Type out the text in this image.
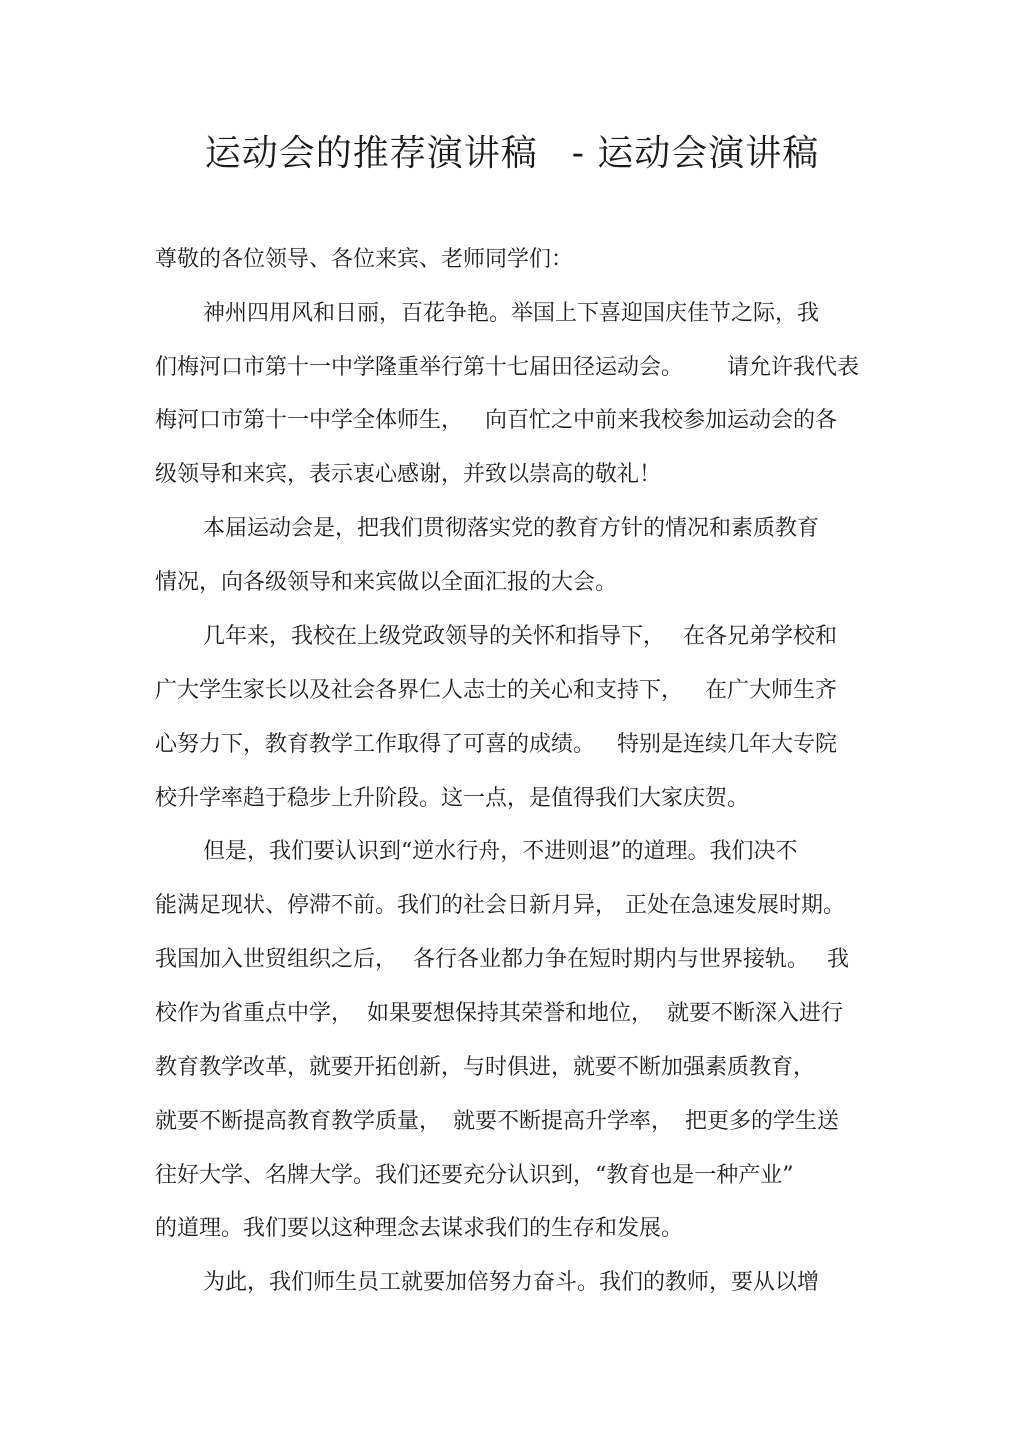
运动会的推荐演讲稿 - 运动会演讲稿

尊敬的各位领导、各位来宾、老师同学们：

神州四用风和日丽，百花争艳。举国上下喜迎国庆佳节之际，我

们梅河口市第十一中学隆重举行第十七届田径运动会。 请允许我代表

梅河口市第十一中学全体师生， 向百忙之中前来我校参加运动会的各

级领导和来宾，表示衷心感谢，并致以崇高的敬礼！

本届运动会是，把我们贯彻落实党的教育方针的情况和素质教育

情况，向各级领导和来宾做以全面汇报的大会。

几年来，我校在上级党政领导的关怀和指导下， 在各兄弟学校和

广大学生家长以及社会各界仁人志士的关心和支持下， 在广大师生齐

心努力下，教育教学工作取得了可喜的成绩。 特别是连续几年大专院

校升学率趋于稳步上升阶段。这一点，是值得我们大家庆贺。

但是，我们要认识到“逆水行舟，不进则退”的道理。我们决不

能满足现状、停滞不前。我们的社会日新月异， 正处在急速发展时期。

我国加入世贸组织之后， 各行各业都力争在短时期内与世界接轨。 我

校作为省重点中学， 如果要想保持其荣誉和地位， 就要不断深入进行

教育教学改革，就要开拓创新，与时俱进，就要不断加强素质教育，

就要不断提高教育教学质量， 就要不断提高升学率， 把更多的学生送

往好大学、名牌大学。我们还要充分认识到，“教育也是一种产业”

的道理。我们要以这种理念去谋求我们的生存和发展。

为此，我们师生员工就要加倍努力奋斗。我们的教师，要从以增
